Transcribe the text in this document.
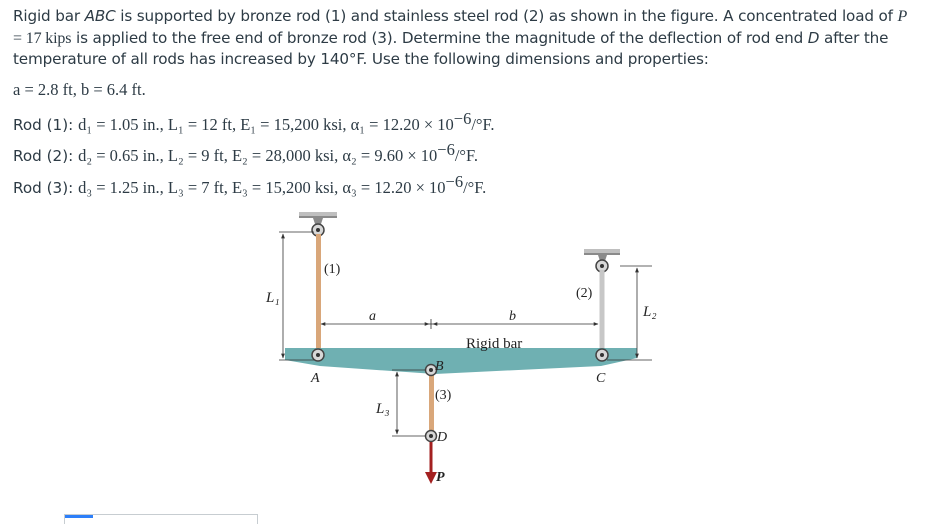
Rigid bar ABC is supported by bronze rod (1) and stainless steel rod (2) as shown in the figure. A concentrated load of P = 17 kips is applied to the free end of bronze rod (3). Determine the magnitude of the deflection of rod end D after the temperature of all rods has increased by 140°F. Use the following dimensions and properties:
a = 2.8 ft, b = 6.4 ft.
Rod (1): d₁ = 1.05 in., L₁ = 12 ft, E₁ = 15,200 ksi, $\alpha_1 = 12.20 \times 10^{-6}/^\circ F$.
Rod (2): d₂ = 0.65 in., L₂ = 9 ft, E₂ = 28,000 ksi, $\alpha_2 = 9.60 \times 10^{-6}/^\circ F$.
Rod (3): d₃ = 1.25 in., L₃ = 7 ft, E₃ = 15,200 ksi, $\alpha_3 = 12.20 \times 10^{-6}/^\circ F$.
(1)
(2)
(3)
L₁
L₂
L₃
a	b
Rigid bar
A
B
C
D
P
